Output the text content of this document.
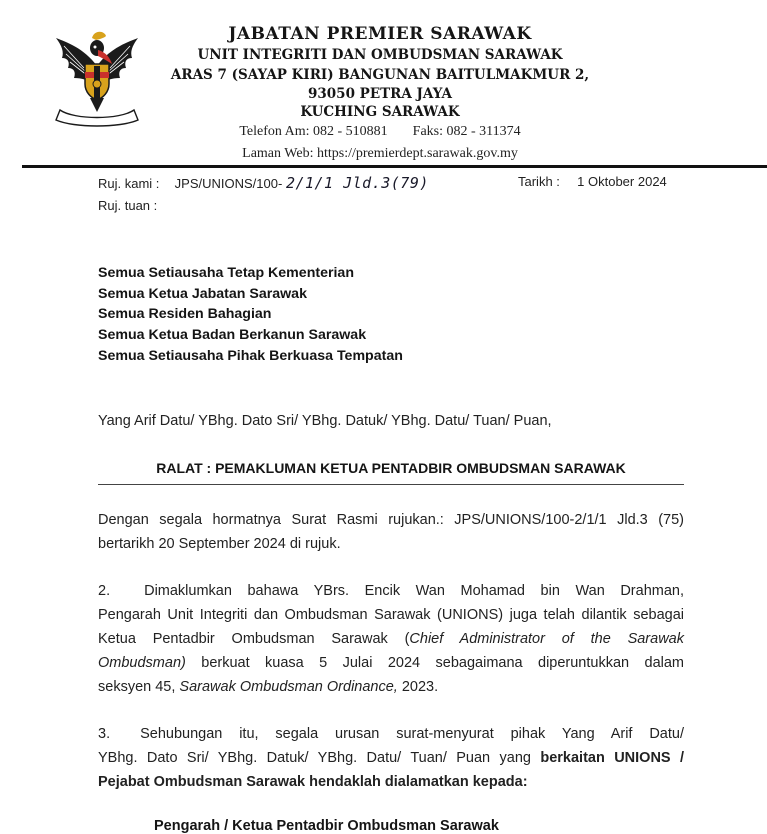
JABATAN PREMIER SARAWAK
UNIT INTEGRITI DAN OMBUDSMAN SARAWAK
ARAS 7 (SAYAP KIRI) BANGUNAN BAITULMAKMUR 2,
93050 PETRA JAYA
KUCHING SARAWAK
Telefon Am: 082 - 510881 Faks: 082 - 311374
Laman Web: https://premierdept.sarawak.gov.my
Ruj. kami : JPS/UNIONS/100- 2/1/1 Jld.3(79)
Ruj. tuan :
Tarikh : 1 Oktober 2024
Semua Setiausaha Tetap Kementerian
Semua Ketua Jabatan Sarawak
Semua Residen Bahagian
Semua Ketua Badan Berkanun Sarawak
Semua Setiausaha Pihak Berkuasa Tempatan
Yang Arif Datu/ YBhg. Dato Sri/ YBhg. Datuk/ YBhg. Datu/ Tuan/ Puan,
RALAT : PEMAKLUMAN KETUA PENTADBIR OMBUDSMAN SARAWAK
Dengan segala hormatnya Surat Rasmi rujukan.: JPS/UNIONS/100-2/1/1 Jld.3 (75)
bertarikh 20 September 2024 di rujuk.
2. Dimaklumkan bahawa YBrs. Encik Wan Mohamad bin Wan Drahman,
Pengarah Unit Integriti dan Ombudsman Sarawak (UNIONS) juga telah dilantik sebagai
Ketua Pentadbir Ombudsman Sarawak (Chief Administrator of the Sarawak
Ombudsman) berkuat kuasa 5 Julai 2024 sebagaimana diperuntukkan dalam
seksyen 45, Sarawak Ombudsman Ordinance, 2023.
3. Sehubungan itu, segala urusan surat-menyurat pihak Yang Arif Datu/
YBhg. Dato Sri/ YBhg. Datuk/ YBhg. Datu/ Tuan/ Puan yang berkaitan UNIONS /
Pejabat Ombudsman Sarawak hendaklah dialamatkan kepada:
Pengarah / Ketua Pentadbir Ombudsman Sarawak
